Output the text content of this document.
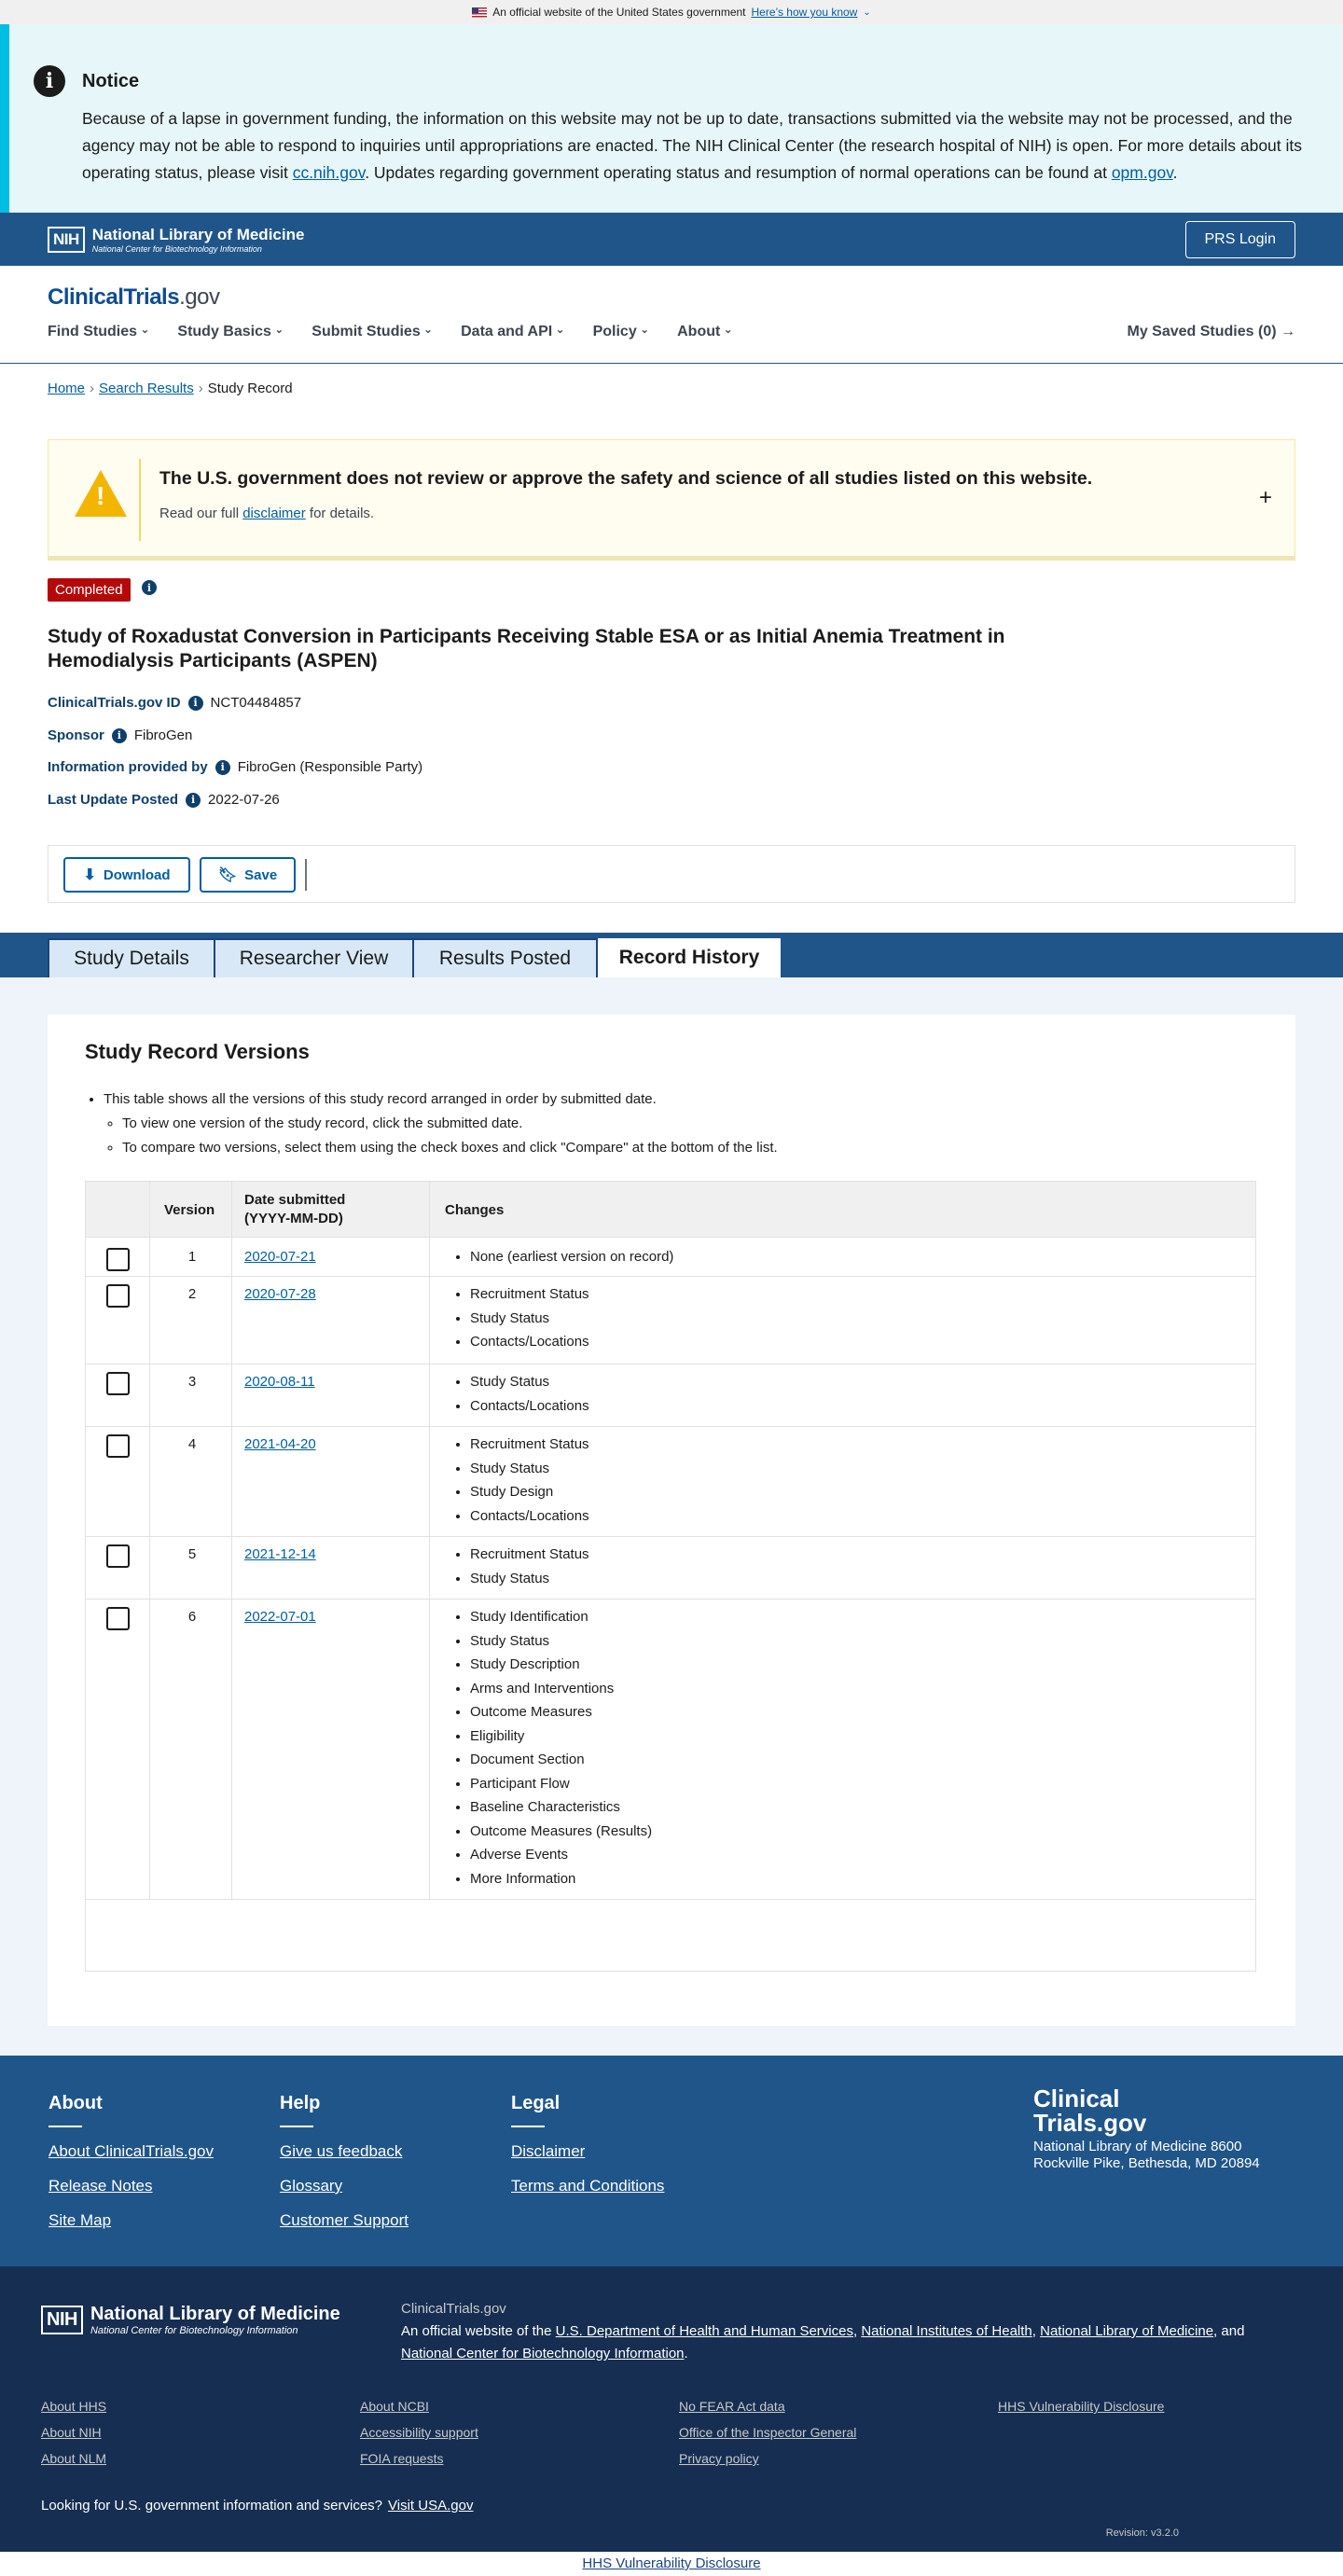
An official website of the United States government Here’s how you know ⌄
i	Notice

Because of a lapse in government funding, the information on this website may not be up to date, transactions submitted via the website may not be processed, and the agency may not be able to respond to inquiries until appropriations are enacted. The NIH Clinical Center (the research hospital of NIH) is open. For more details about its operating status, please visit cc.nih.gov. Updates regarding government operating status and resumption of normal operations can be found at opm.gov.

NIH National Library of Medicine
National Center for Biotechnology Information
PRS Login
ClinicalTrials.gov
Find Studies ⌄	Study Basics ⌄	Submit Studies ⌄	Data and API ⌄	Policy ⌄	About ⌄	My Saved Studies (0) →
Home › Search Results › Study Record
!
The U.S. government does not review or approve the safety and science of all studies listed on this website.

Read our full disclaimer for details.

+
Completed	i
Study of Roxadustat Conversion in Participants Receiving Stable ESA or as Initial Anemia Treatment in Hemodialysis Participants (ASPEN)
ClinicalTrials.gov ID	i NCT04484857
Sponsor	i FibroGen
Information provided by	i FibroGen (Responsible Party)
Last Update Posted	i 2022-07-26
⬇ Download	🔖︎ Save
Study Details	Researcher View	Results Posted	Record History
Study Record Versions
• This table shows all the versions of this study record arranged in order by submitted date.
◦ To view one version of the study record, click the submitted date.
◦ To compare two versions, select them using the check boxes and click "Compare" at the bottom of the list.
Version
Date submitted
(YYYY-MM-DD)
Changes
1	2020-07-21	• None (earliest version on record)
2	2020-07-28	• Recruitment Status
• Study Status
• Contacts/Locations
3	2020-08-11	• Study Status
• Contacts/Locations
4	2021-04-20	• Recruitment Status
• Study Status
• Study Design
• Contacts/Locations
5	2021-12-14	• Recruitment Status
• Study Status
6	2022-07-01	• Study Identification
• Study Status
• Study Description
• Arms and Interventions
• Outcome Measures
• Eligibility
• Document Section
• Participant Flow
• Baseline Characteristics
• Outcome Measures (Results)
• Adverse Events
• More Information
About
About ClinicalTrials.gov
Release Notes
Site Map
Help
Give us feedback
Glossary
Customer Support
Legal
Disclaimer
Terms and Conditions
Clinical
Trials.gov
National Library of Medicine 8600 Rockville Pike, Bethesda, MD 20894
NIH National Library of Medicine
National Center for Biotechnology Information
ClinicalTrials.gov
An official website of the U.S. Department of Health and Human Services, National Institutes of Health, National Library of Medicine, and National Center for Biotechnology Information.
About HHS
About NIH
About NLM
About NCBI
Accessibility support
FOIA requests
No FEAR Act data
Office of the Inspector General
Privacy policy
HHS Vulnerability Disclosure
Looking for U.S. government information and services? Visit USA.gov
Revision: v3.2.0
HHS Vulnerability Disclosure
